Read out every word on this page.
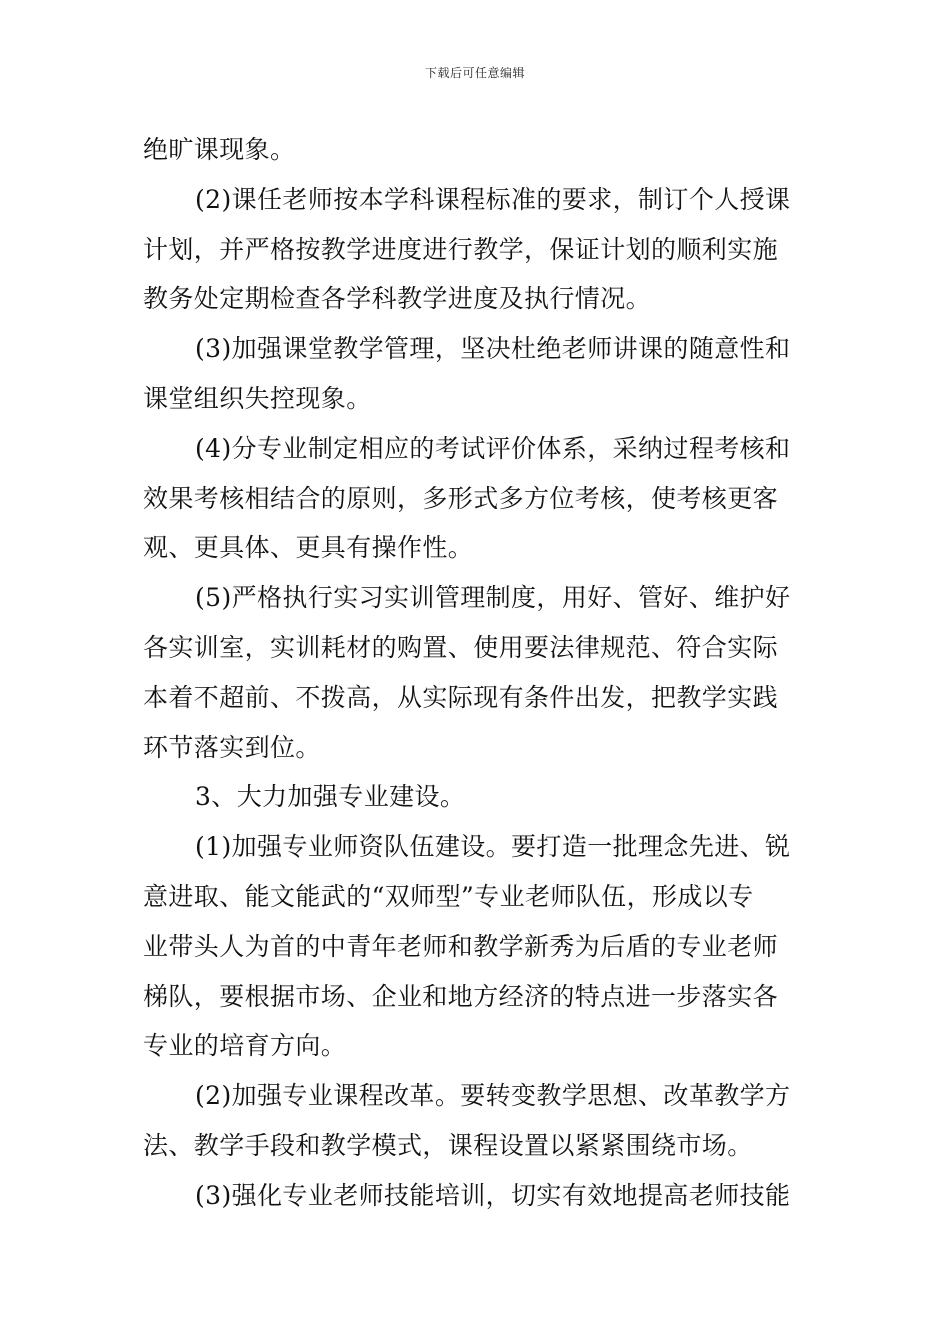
下载后可任意编辑
绝旷课现象。
(2)课任老师按本学科课程标准的要求，制订个人授课
计划，并严格按教学进度进行教学，保证计划的顺利实施
教务处定期检查各学科教学进度及执行情况。
(3)加强课堂教学管理，坚决杜绝老师讲课的随意性和
课堂组织失控现象。
(4)分专业制定相应的考试评价体系，采纳过程考核和
效果考核相结合的原则，多形式多方位考核，使考核更客
观、更具体、更具有操作性。
(5)严格执行实习实训管理制度，用好、管好、维护好
各实训室，实训耗材的购置、使用要法律规范、符合实际
本着不超前、不拨高，从实际现有条件出发，把教学实践
环节落实到位。
3、大力加强专业建设。
(1)加强专业师资队伍建设。要打造一批理念先进、锐
意进取、能文能武的“双师型”专业老师队伍，形成以专
业带头人为首的中青年老师和教学新秀为后盾的专业老师
梯队，要根据市场、企业和地方经济的特点进一步落实各
专业的培育方向。
(2)加强专业课程改革。要转变教学思想、改革教学方
法、教学手段和教学模式，课程设置以紧紧围绕市场。
(3)强化专业老师技能培训，切实有效地提高老师技能
